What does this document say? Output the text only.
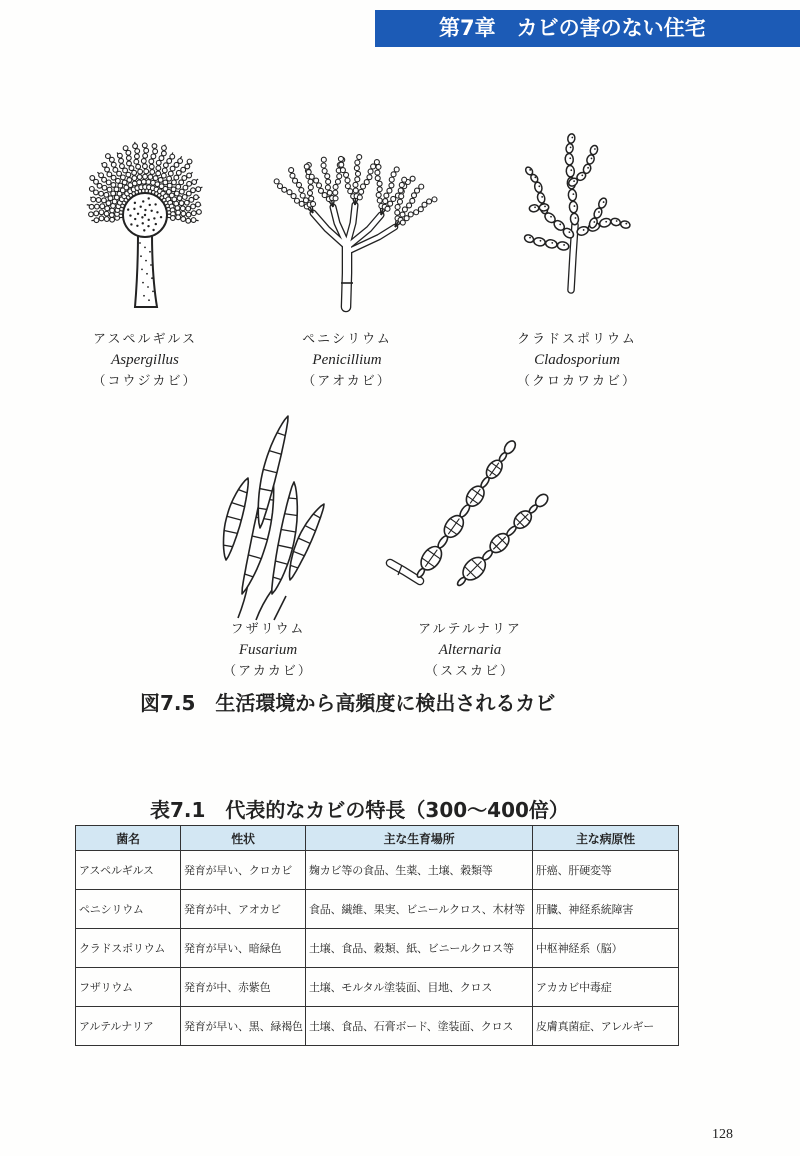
第7章　カビの害のない住宅
アスペルギルス
Aspergillus
（コウジカビ）
ペニシリウム
Penicillium
（アオカビ）
クラドスポリウム
Cladosporium
（クロカワカビ）
フザリウム
Fusarium
（アカカビ）
アルテルナリア
Alternaria
（ススカビ）
図7.5　生活環境から高頻度に検出されるカビ
表7.1　代表的なカビの特長（300～400倍）
菌名	性状	主な生育場所	主な病原性
アスペルギルス	発育が早い、クロカビ	麹カビ等の食品、生薬、土壌、穀類等	肝癌、肝硬変等
ペニシリウム	発育が中、アオカビ	食品、繊維、果実、ビニールクロス、木材等	肝臓、神経系統障害
クラドスポリウム	発育が早い、暗緑色	土壌、食品、穀類、紙、ビニールクロス等	中枢神経系（脳）
フザリウム	発育が中、赤紫色	土壌、モルタル塗装面、目地、クロス	アカカビ中毒症
アルテルナリア	発育が早い、黒、緑褐色	土壌、食品、石膏ボード、塗装面、クロス	皮膚真菌症、アレルギー
128
